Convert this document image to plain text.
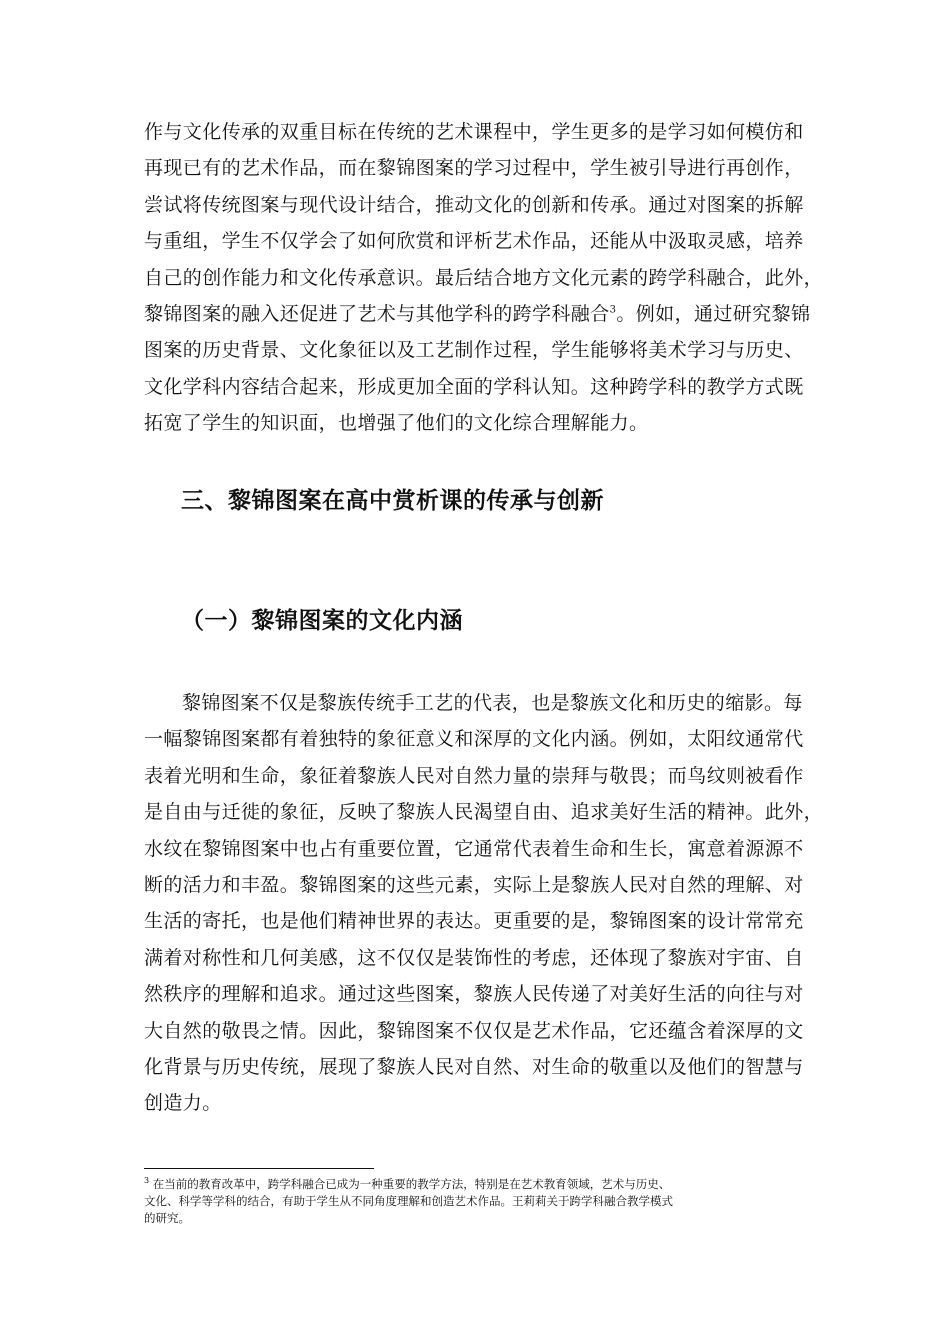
作与文化传承的双重目标在传统的艺术课程中，学生更多的是学习如何模仿和
再现已有的艺术作品，而在黎锦图案的学习过程中，学生被引导进行再创作，
尝试将传统图案与现代设计结合，推动文化的创新和传承。通过对图案的拆解
与重组，学生不仅学会了如何欣赏和评析艺术作品，还能从中汲取灵感，培养
自己的创作能力和文化传承意识。最后结合地方文化元素的跨学科融合，此外，
黎锦图案的融入还促进了艺术与其他学科的跨学科融合$^3$。例如，通过研究黎锦
图案的历史背景、文化象征以及工艺制作过程，学生能够将美术学习与历史、
文化学科内容结合起来，形成更加全面的学科认知。这种跨学科的教学方式既
拓宽了学生的知识面，也增强了他们的文化综合理解能力。
三、黎锦图案在高中赏析课的传承与创新
（一）黎锦图案的文化内涵
黎锦图案不仅是黎族传统手工艺的代表，也是黎族文化和历史的缩影。每
一幅黎锦图案都有着独特的象征意义和深厚的文化内涵。例如，太阳纹通常代
表着光明和生命，象征着黎族人民对自然力量的崇拜与敬畏；而鸟纹则被看作
是自由与迁徙的象征，反映了黎族人民渴望自由、追求美好生活的精神。此外，
水纹在黎锦图案中也占有重要位置，它通常代表着生命和生长，寓意着源源不
断的活力和丰盈。黎锦图案的这些元素，实际上是黎族人民对自然的理解、对
生活的寄托，也是他们精神世界的表达。更重要的是，黎锦图案的设计常常充
满着对称性和几何美感，这不仅仅是装饰性的考虑，还体现了黎族对宇宙、自
然秩序的理解和追求。通过这些图案，黎族人民传递了对美好生活的向往与对
大自然的敬畏之情。因此，黎锦图案不仅仅是艺术作品，它还蕴含着深厚的文
化背景与历史传统，展现了黎族人民对自然、对生命的敬重以及他们的智慧与
创造力。
$^3$ 在当前的教育改革中，跨学科融合已成为一种重要的教学方法，特别是在艺术教育领域，艺术与历史、
文化、科学等学科的结合，有助于学生从不同角度理解和创造艺术作品。王莉莉关于跨学科融合教学模式
的研究。
